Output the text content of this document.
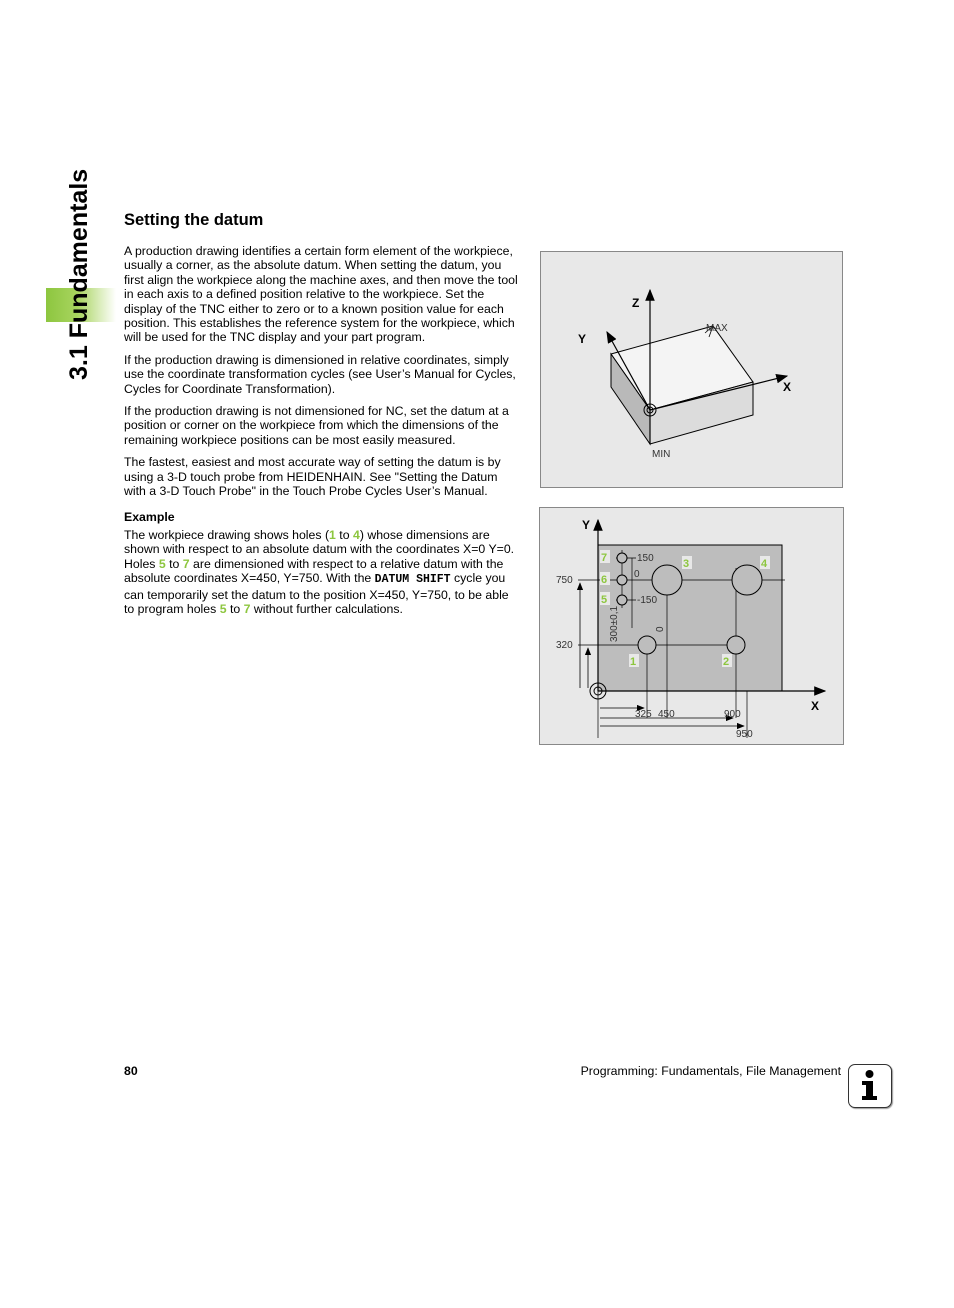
3.1 Fundamentals	Setting the datum

A production drawing identifies a certain form element of the workpiece, usually a corner, as the absolute datum. When setting the datum, you first align the workpiece along the machine axes, and then move the tool in each axis to a defined position relative to the workpiece. Set the display of the TNC either to zero or to a known position value for each position. This establishes the reference system for the workpiece, which will be used for the TNC display and your part program.

If the production drawing is dimensioned in relative coordinates, simply use the coordinate transformation cycles (see User’s Manual for Cycles, Cycles for Coordinate Transformation).

If the production drawing is not dimensioned for NC, set the datum at a position or corner on the workpiece from which the dimensions of the remaining workpiece positions can be most easily measured.

The fastest, easiest and most accurate way of setting the datum is by using a 3-D touch probe from HEIDENHAIN. See "Setting the Datum with a 3-D Touch Probe" in the Touch Probe Cycles User’s Manual.

Example

The workpiece drawing shows holes (1 to 4) whose dimensions are shown with respect to an absolute datum with the coordinates X=0 Y=0. Holes 5 to 7 are dimensioned with respect to a relative datum with the absolute coordinates X=450, Y=750. With the DATUM SHIFT cycle you can temporarily set the datum to the position X=450, Y=750, to be able to program holes 5 to 7 without further calculations.

Z
Y
X
MAX
MIN
1	2
3	4
5
6
7
Y
X
150
0
-150
750
320
300±0,1	0
325 450	900
950
80	Programming: Fundamentals, File Management
